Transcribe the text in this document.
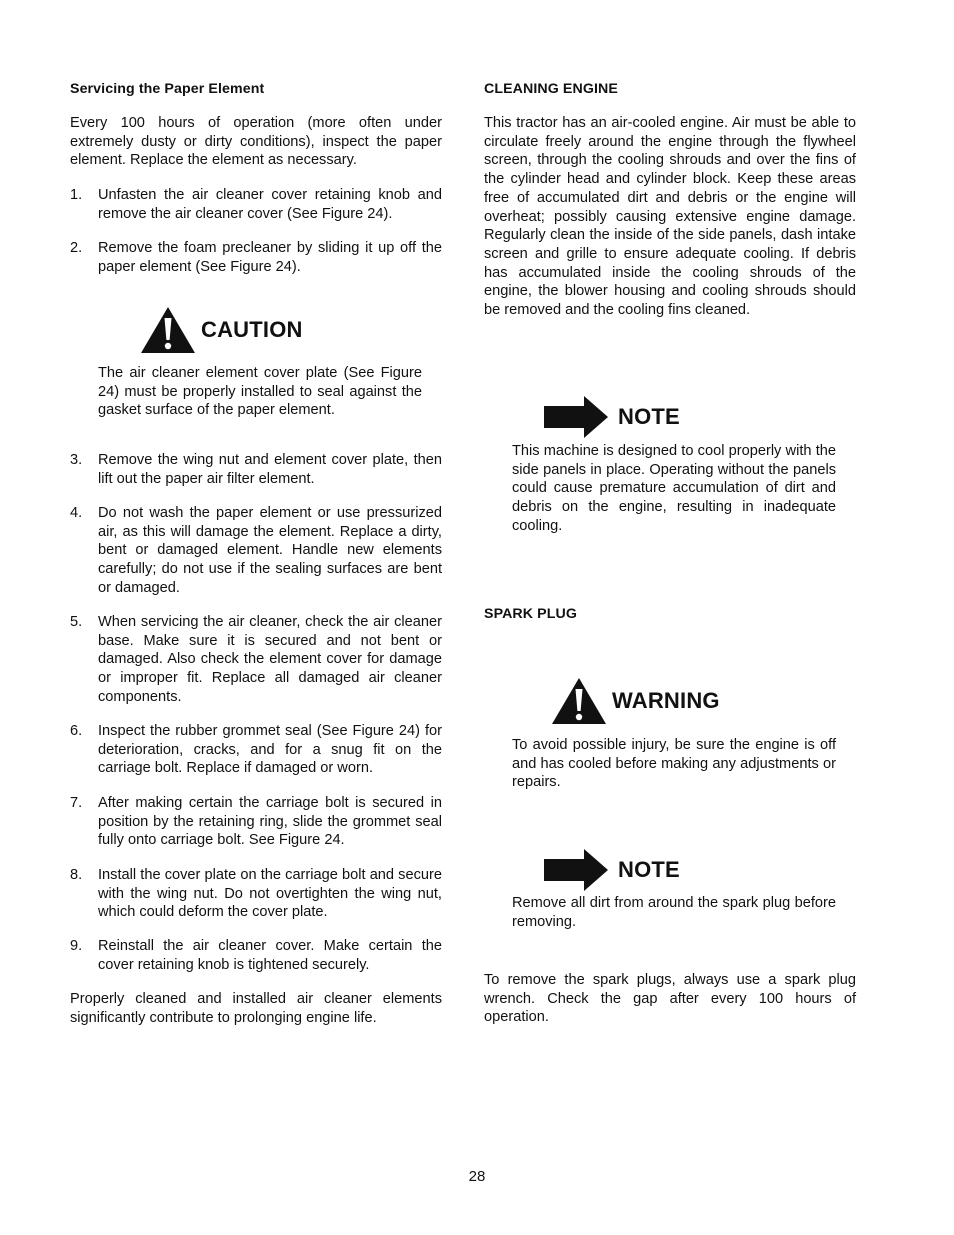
Servicing the Paper Element
Every 100 hours of operation (more often under extremely dusty or dirty conditions), inspect the paper element. Replace the element as necessary.
1.	Unfasten the air cleaner cover retaining knob and remove the air cleaner cover (See Figure 24).
2.	Remove the foam precleaner by sliding it up off the paper element (See Figure 24).
CAUTION
The air cleaner element cover plate (See Figure 24) must be properly installed to seal against the gasket surface of the paper element.
3.	Remove the wing nut and element cover plate, then lift out the paper air filter element.
4.	Do not wash the paper element or use pressurized air, as this will damage the element. Replace a dirty, bent or damaged element. Handle new elements carefully; do not use if the sealing surfaces are bent or damaged.
5.	When servicing the air cleaner, check the air cleaner base. Make sure it is secured and not bent or damaged. Also check the element cover for damage or improper fit. Replace all damaged air cleaner components.
6.	Inspect the rubber grommet seal (See Figure 24) for deterioration, cracks, and for a snug fit on the carriage bolt. Replace if damaged or worn.
7.	After making certain the carriage bolt is secured in position by the retaining ring, slide the grommet seal fully onto carriage bolt. See Figure 24.
8.	Install the cover plate on the carriage bolt and secure with the wing nut. Do not overtighten the wing nut, which could deform the cover plate.
9.	Reinstall the air cleaner cover. Make certain the cover retaining knob is tightened securely.
Properly cleaned and installed air cleaner elements significantly contribute to prolonging engine life.
CLEANING ENGINE
This tractor has an air-cooled engine. Air must be able to circulate freely around the engine through the flywheel screen, through the cooling shrouds and over the fins of the cylinder head and cylinder block. Keep these areas free of accumulated dirt and debris or the engine will overheat; possibly causing extensive engine damage. Regularly clean the inside of the side panels, dash intake screen and grille to ensure adequate cooling. If debris has accumulated inside the cooling shrouds of the engine, the blower housing and cooling shrouds should be removed and the cooling fins cleaned.
NOTE
This machine is designed to cool properly with the side panels in place. Operating without the panels could cause premature accumulation of dirt and debris on the engine, resulting in inadequate cooling.
SPARK PLUG
WARNING
To avoid possible injury, be sure the engine is off and has cooled before making any adjustments or repairs.
NOTE
Remove all dirt from around the spark plug before removing.
To remove the spark plugs, always use a spark plug wrench. Check the gap after every 100 hours of operation.
28
